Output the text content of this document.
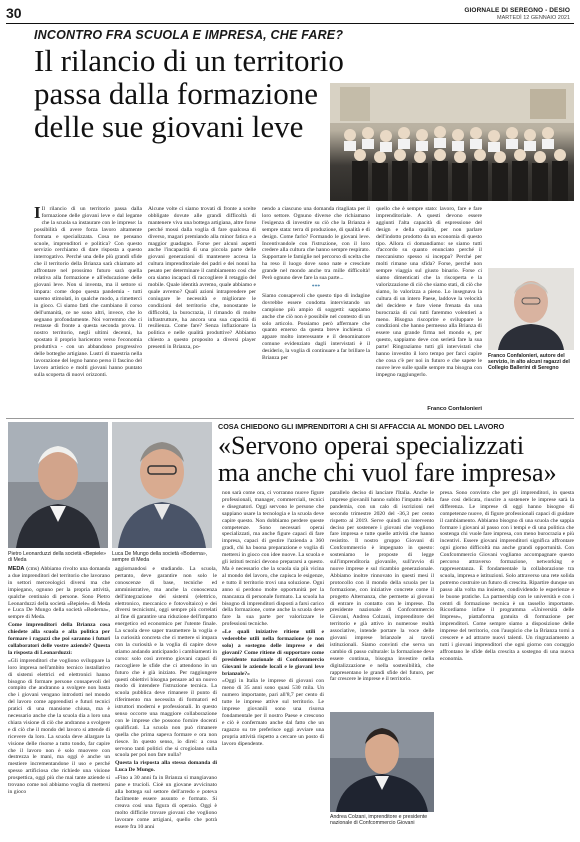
30	GIORNALE DI SEREGNO - DESIO
MARTEDÌ 12 GENNAIO 2021
INCONTRO FRA SCUOLA E IMPRESA, CHE FARE?
Il rilancio di un territorio
passa dalla formazione
delle sue giovani leve

I Il rilancio di un territorio passa dalla formazione delle giovani leve e dal legame che la scuola sa instaurare con le imprese: la possibilità di avere forza lavoro altamente formata e specializzata. Cosa ne pensano scuole, imprenditori e politica? Con questo servizio cerchiamo di dare risposta a questo interrogativo. Perché una delle più grandi sfide che il territorio della Brianza sarà chiamato ad affrontare nel prossimo futuro sarà quella relativa alla formazione e all'educazione delle giovani leve. Non si inventa, ma il settore si impara: come dopo questa pandemia - tutti saremo stimolati, in qualche modo, a rimetterci in gioco. Ci siamo fatti che cambiano il corso dell'umanità, ce ne sono altri, invece, che lo segnano profondamente. Noi vorremmo che ci restasse di fronte a questa seconda prova. Il nostro territorio, negli ultimi decenni, ha spostato il proprio baricentro verso l'economia produttiva - con un abbandono progressivo delle botteghe artigiane. Lustri di maestria nella lavorazione del legno hanno perso il fascino del lavoro artistico e molti giovani hanno puntato sulla scoperta di nuovi orizzonti.

Alcune volte ci siamo trovati di fronte a scelte obbligate dovute alle grandi difficoltà di mantenere viva una bottega artigiana, altre forse perché mossi dalla voglia di fare qualcosa di diverso, magari premiando alla minor fatica e a maggior guadagno. Forse per alcuni aspetti anche l'incapacità di una piccola parte delle giovani generazioni di mantenere accesa la cultura imprenditoriale dei padri e dei nonni ha pesato per determinare il cambiamento così che ora siamo incapaci di raccogliere il retaggio del mobile. Quale identità avremo, quale abbiamo e quale avremo? Quali azioni intraprendere per coniugare le necessità e migliorare le condizioni del territorio che, nonostante le difficoltà, la burocrazia, il rimando di molte infrastrutture, ha ancora una sua capacità di resilienza. Come fare? Senza inflazionare la politica e nelle qualità produttive? Abbiamo chiesto a questo proposito a diversi player presenti in Brianza, po-

nendo a ciascuno una domanda ritagliata per il loro settore. Ognuno diverse che richiamano l'esigenza di investire su ciò che la Brianza è sempre stata: terra di produzione, di qualità e di design. Come farlo? Formando le giovani leve. Incentivandole con l'istruzione, con il loro credere alla cultura che hanno sempre respirato. Supportare le famiglie nel percorso di scelta che ha reso il luogo dove sono nate e cresciute grande nel mondo anche tra mille difficoltà! Però ognuno deve fare la sua parte...

***

Siamo consapevoli che questo tipo di indagine dovrebbe essere condotta intervistando un campione più ampio di soggetti: sappiamo anche che ciò non è possibile nel contesto di un solo articolo. Possiamo però affermare che quanto emerso da questa breve inchiesta ci appare molto interessante e il denominatore comune evidenziato dagli intervistati è il desiderio, la voglia di continuare a far brillare la Brianza per

quello che è sempre stato: lavoro, fare e fare imprenditoriale. A questi devono essere aggiunti l'alta capacità di espressione del design e della qualità, per non parlare dell'indotto prodotto da un economia di questo tipo. Allora ci domandiamo: se siamo tutti d'accordo su quanto enunciato perché il meccanismo spesso si inceppa? Perché per molti rimane una sfida? Forse, perché non sempre viaggia sul giusto binario. Forse ci siamo dimenticati che la riscoperta e la valorizzazione di ciò che siamo stati, di ciò che siamo, lo valorizza a pieno. Lo insegnava la cultura di un intero Paese, laddove la velocità del decidere e fare viene frenata da una burocrazia di cui tutti faremmo volentieri a meno. Bisogna riscoprire e sviluppare le condizioni che hanno permesso alla Brianza di essere una grande firma nel mondo e, per questo, sappiamo deve con serietà fare la sua parte! Ringraziamo tutti gli intervistati che hanno investito il loro tempo per farci capire che cosa c'è per noi in futuro e che sapete le nuove leve sulle spalle sempre ma bisogna con impegno raggiungerlo.

Franco Confalonieri
Franco Confalonieri, autore del servizio, in alto alcuni ragazzi del Collegio Ballerini di Seregno
Pietro Leonarduzzi della società «Bepiele» di Meda
Luca De Mungo della società «Boderna», sempre di Meda
COSA CHIEDONO GLI IMPRENDITORI A CHI SI AFFACCIA AL MONDO DEL LAVORO
«Servono operai specializzati
ma anche chi vuol fare impresa»

MEDA (cms) Abbiamo rivolto una domanda a due imprenditori del territorio che lavorano in settori merceologici diversi ma che impiegano, ognuno per la propria attività, qualche centinaio di persone. Sono Pietro Leonarduzzi della società «Bepiele» di Meda e Luca De Mungo della società «Boderna», sempre di Meda.

Come imprenditori della Brianza cosa chiedete alla scuola e alla politica per formare i ragazzi che poi saranno i futuri collaboratori delle vostre aziende? Questa la risposta di Leonarduzzi:

«Gli imprenditori che vogliono sviluppare la loro impresa nell'ambito tecnico installativo di sistemi elettrici ed elettronici hanno bisogno di formare persone consapevoli del compito che andranno a svolgere non basta che i giovani vengano introdotti nel mondo del lavoro come apprendisti e futuri tecnici pratici di una mansione chiusa, ma è necessario anche che la scuola dia a loro una chiara visione di ciò che andranno a svolgere e di ciò che il mondo del lavoro si attende di ricevere da loro. La scuola deve allargare la visione delle risorse a tutto tondo, far capire che il lavoro non è solo muovere con destrezza le mani, ma oggi è anche un mestiere incrementandone il uso e perché spesso artificiosa che richiede una visione prospettica, oggi più che mai tante aziende si trovano come noi abbiamo voglia di mettersi in gioco

aggiornandosi e studiando. La scuola, pertanto, deve garantire non solo le conoscenze di base, tecniche ed amministrative, ma anche la conoscenza dell'integrazione dei sistemi (elettrico, elettronico, meccanico e fotovoltaico) e dei diversi tecnicismi, oggi sempre più correlati al fine di garantire una riduzione dell'impatto energetico ed economico per l'utente finale. La scuola deve saper trasmettere la voglia e la curiosità concreta che ci mettere si impara con la curiosità e la voglia di capire dove stiamo andando anticipando i cambiamenti in corso: solo così avremo giovani capaci di raccogliere le sfide che ci attendono in un futuro che è già iniziato. Per raggiungere questi obiettivi bisogna pensare ad un nuovo modo di intendere l'istruzione tecnica. La scuola pubblica deve rimanere il punto di riferimento ma necessita di formatori ed istruttori moderni e professionali. In questo senso occorre una maggiore collaborazione con le imprese che possono fornire docenti qualificati. La scuola non può rimanere quella che prima sapeva formare e ora non riesce. In questo senso, io direi: a cosa servono tanti politici che si crogiolano sulla scuola per poi non fare nulla?

Questa la risposta alla stessa domanda di Luca De Mungo.

«Fino a 30 anni fa in Brianza si mangiavano pane e trucioli. Cioè un giovane avvicinato alla bottega sul settore dell'arredo e poteva facilmente essere assunto e formato. Si creava così una figura di operaio. Oggi è molto difficile trovare giovani che vogliono lavorare come artigiani, quello che potrà essere fra 10 anni

non sarà come ora, ci vorranno nuove figure professionali, manager, commerciali, tecnici e disegnatori. Oggi servono le persone che sappiano usare la tecnologia e la scuola deve capire questo. Non dobbiamo perdere queste competenze. Sono necessari operai specializzati, ma anche figure capaci di fare impresa, capaci di gestire l'azienda a 360 gradi, chi ha buona preparazione e voglia di mettersi in gioco con idee nuove. La scuola e gli istituti tecnici devono prepararsi a questo. Ma è necessario che la scuola sia più vicina al mondo del lavoro, che capisca le esigenze, e tutto il territorio trovi una soluzione. Ogni anno si perdono molte opportunità per la mancanza di personale formato. La scuola ha bisogno di imprenditori disposti a farsi carico della formazione, come anche la scuola deve fare la sua parte per valorizzare le professioni tecniche.

«Le quali iniziative ritiene utili e vederebbe utili nella formazione (e non solo) a sostegno delle imprese e dei giovani? Come ritiene di supportare come presidente nazionale di Confcommercio Giovani le aziende locali e le giovani leve brianzole?»

«Oggi in Italia le imprese di giovani con meno di 35 anni sono quasi 530 mila. Un numero importante, pari all'8,7 per cento di tutte le imprese attive sul territorio. Le imprese giovanili sono una risorsa fondamentale per il nostro Paese e crescono e ciò è confermato anche dal fatto che un ragazzo su tre preferisce oggi avviare una propria attività rispetto a cercare un posto di lavoro dipendente.

parallelo deciso di lanciare l'Italia. Anche le imprese giovanili hanno subito l'impatto della pandemia, con un calo di iscrizioni nel secondo trimestre 2020 del -36,3 per cento rispetto al 2019. Serve quindi un intervento deciso per sostenere i giovani che vogliono fare impresa e tutte quelle attività che hanno resistito. Il nostro gruppo Giovani di Confcommercio è impegnato in questo: sosteniamo le proposte di legge sull'imprenditoria giovanile, sull'avvio di nuove imprese e sul ricambio generazionale. Abbiamo inoltre rinnovato in questi mesi il protocollo con il mondo della scuola per la formazione, con iniziative concrete come il progetto Alternanza, che permette ai giovani di entrare in contatto con le imprese. Da presidente nazionale di Confcommercio Giovani, Andrea Colzani, imprenditore del territorio e già attivo in numerose realtà associative, intende portare la voce delle giovani imprese brianzole ai tavoli istituzionali. Siamo convinti che serva un cambio di passo culturale: la formazione deve essere continua, bisogna investire nella digitalizzazione e nella sostenibilità, che rappresentano le grandi sfide del futuro, per far crescere le imprese e il territorio.

Andrea Colzani, imprenditore e presidente nazionale di Confcommercio Giovani

presa. Sono convinto che per gli imprenditori, in questa fase così delicata, riuscire a sostenere le imprese sarà la differenza. Le imprese di oggi hanno bisogno di competenze nuove, di figure professionali capaci di guidare il cambiamento. Abbiamo bisogno di una scuola che sappia formare i giovani al passo con i tempi e di una politica che sostenga chi vuole fare impresa, con meno burocrazia e più incentivi. Essere giovani imprenditori significa affrontare ogni giorno difficoltà ma anche grandi opportunità. Con Confcommercio Giovani vogliamo accompagnare questo percorso attraverso formazione, networking e rappresentanza. È fondamentale la collaborazione tra scuola, impresa e istituzioni. Solo attraverso una rete solida potremo costruire un futuro di crescita. Ripartire dunque un passo alla volta ma insieme, condividendo le esperienze e le buone pratiche. La partnership con le università e con i centri di formazione tecnica è un tassello importante. Ricordiamo infine il programma «Università delle Imprese», piattaforma gratuita di formazione per imprenditori. Come sempre siamo a disposizione delle imprese del territorio, con l'auspicio che la Brianza torni a crescere e ad attrarre nuovi talenti. Un ringraziamento a tutti i giovani imprenditori che ogni giorno con coraggio affrontano le sfide della crescita a sostegno di una nuova economia.
